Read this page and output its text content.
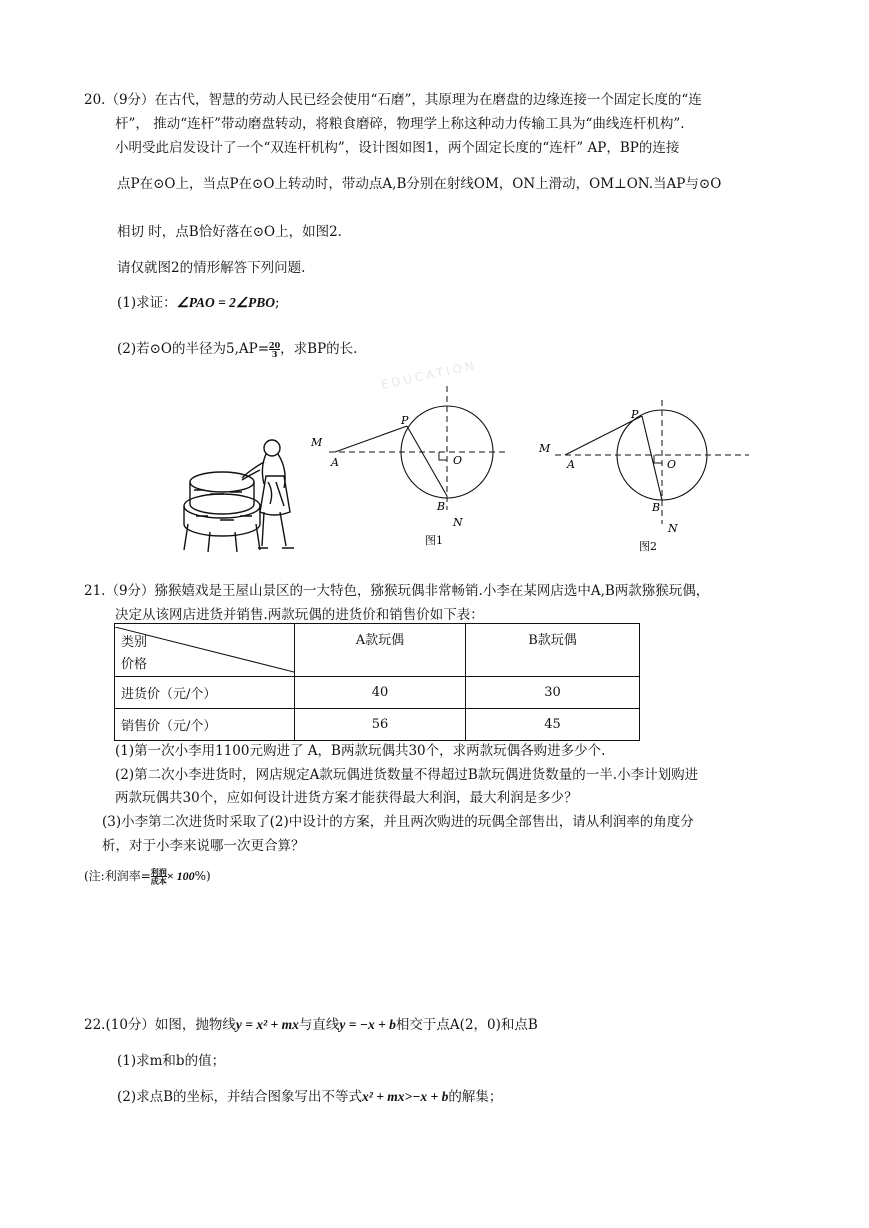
20.（9分）在古代，智慧的劳动人民已经会使用“石磨”，其原理为在磨盘的边缘连接一个固定长度的“连
杆”， 推动“连杆”带动磨盘转动，将粮食磨碎，物理学上称这种动力传输工具为“曲线连杆机构”.
小明受此启发设计了一个“双连杆机构”，设计图如图1，两个固定长度的“连杆” AP，BP的连接
点P在⊙O上，当点P在⊙O上转动时，带动点A,B分别在射线OM，ON上滑动，OM⊥ON.当AP与⊙O
相切 时，点B恰好落在⊙O上，如图2.
请仅就图2的情形解答下列问题.
(1)求证：∠PAO = 2∠PBO;
(2)若⊙O的半径为$5,AP= \frac{20}{3}$ ，求BP的长.
EDUCATION
M
A
P
O
B
N
图1
M
A
P
O
B
N
图2
21.（9分）猕猴嬉戏是王屋山景区的一大特色，猕猴玩偶非常畅销.小李在某网店选中A,B两款猕猴玩偶，
决定从该网店进货并销售.两款玩偶的进货价和销售价如下表：
类别
价格	A款玩偶	B款玩偶
进货价（元/个）	40	30
销售价（元/个）	56	45
(1)第一次小李用1100元购进了 A，B两款玩偶共30个，求两款玩偶各购进多少个.
(2)第二次小李进货时，网店规定A款玩偶进货数量不得超过B款玩偶进货数量的一半.小李计划购进
两款玩偶共30个，应如何设计进货方案才能获得最大利润，最大利润是多少？
(3)小李第二次进货时采取了(2)中设计的方案，并且两次购进的玩偶全部售出，请从利润率的角度分
析，对于小李来说哪一次更合算？
(注:利润率= $\frac{\text{利润}}{\text{成本}} \times 100\%$)
22.(10分）如图，抛物线y = x² + mx与直线y = −x + b相交于点A(2，0)和点B
(1)求m和b的值；
(2)求点B的坐标，并结合图象写出不等式x² + mx>−x + b的解集；
